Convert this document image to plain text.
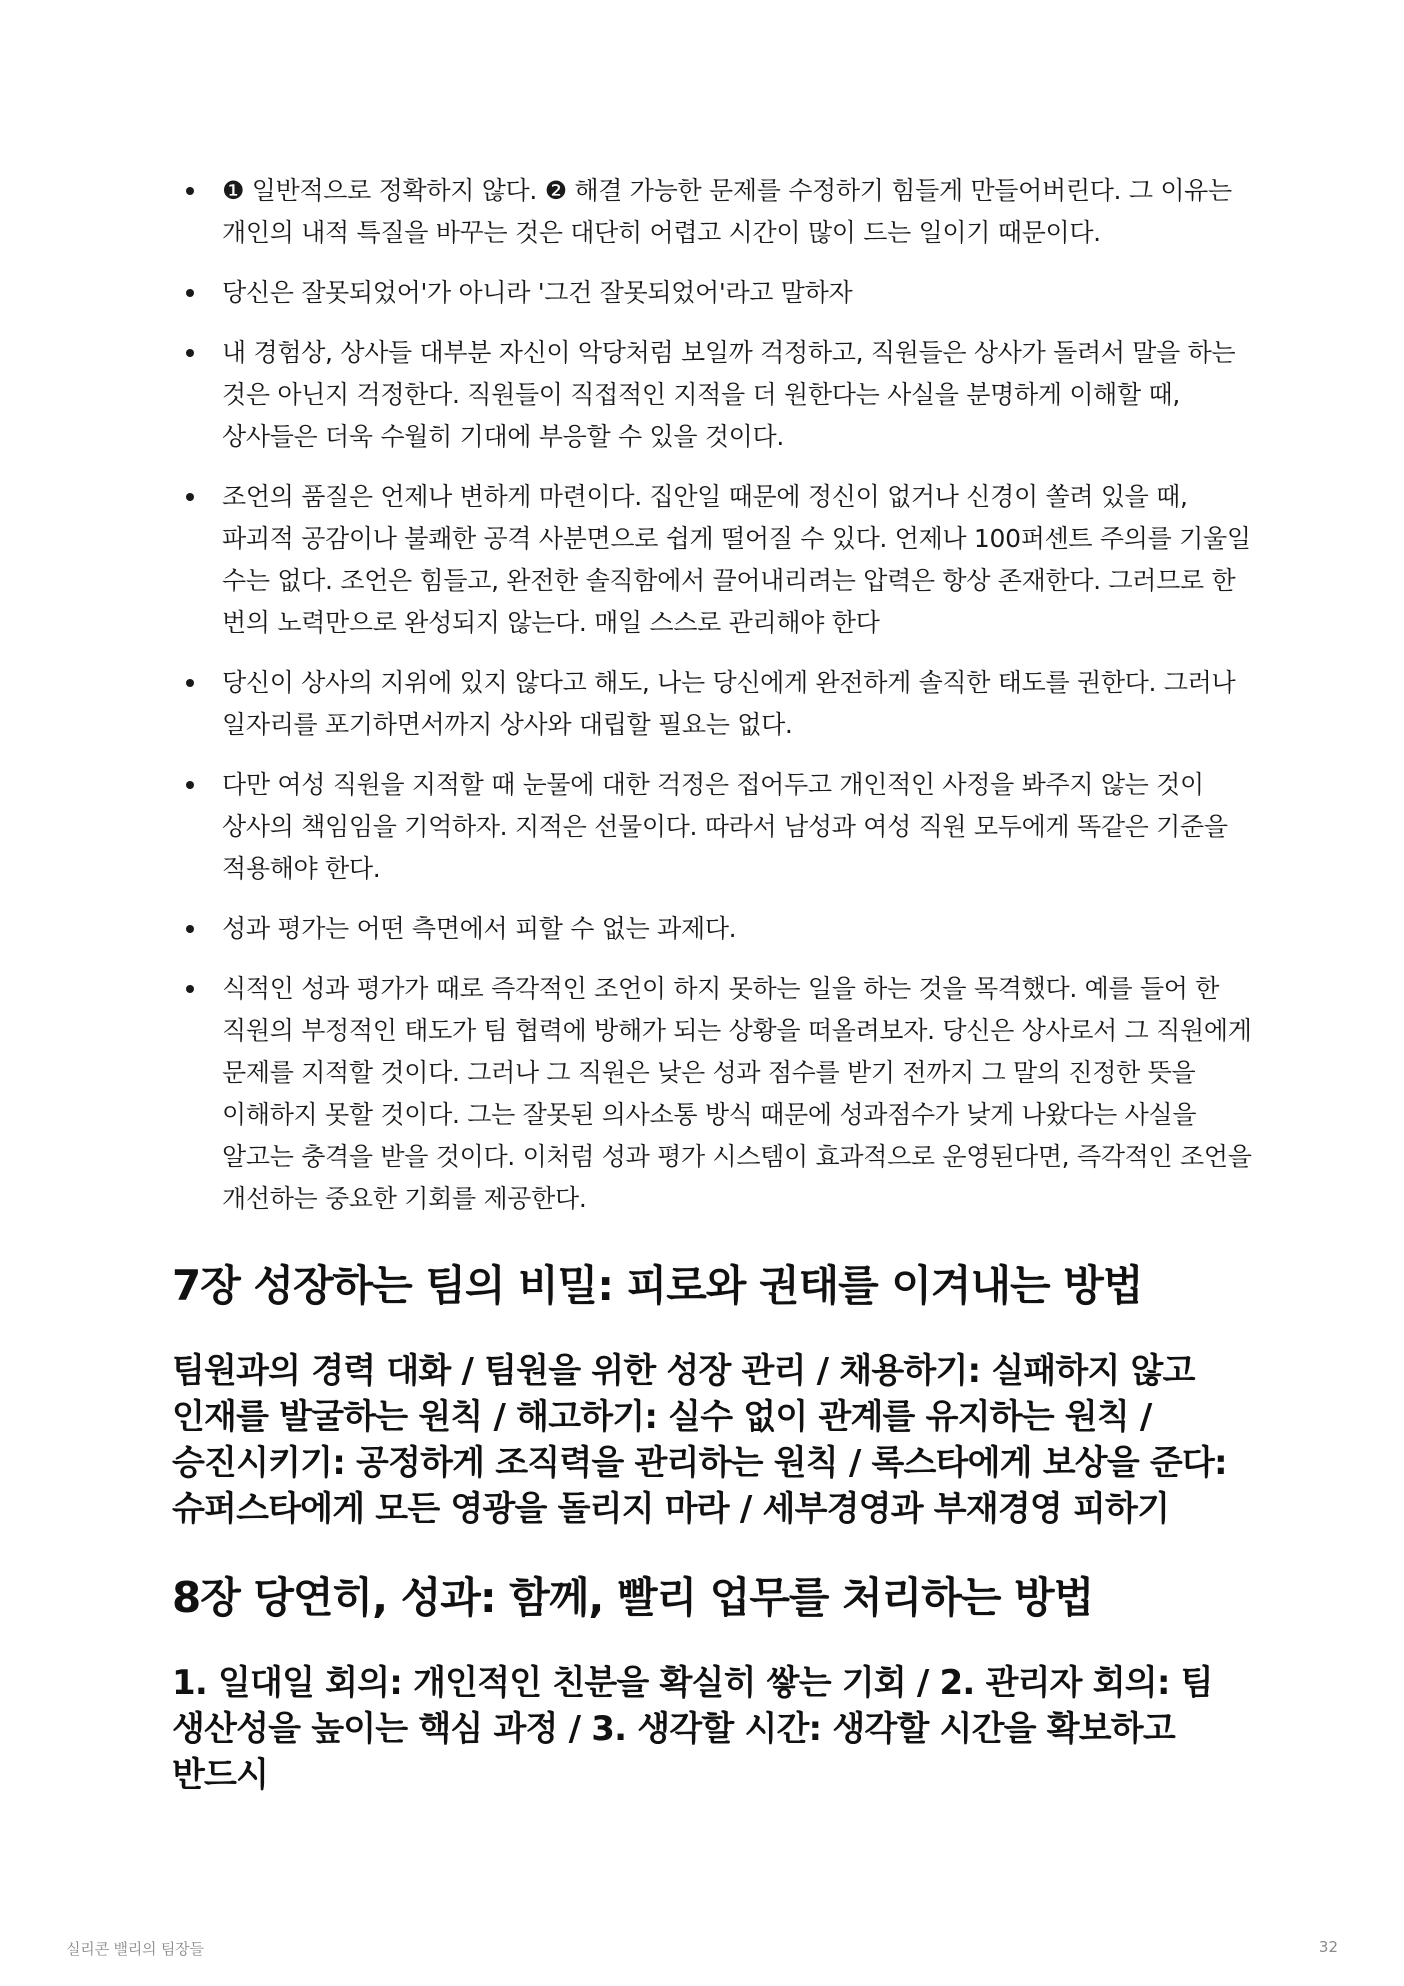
❶ 일반적으로 정확하지 않다. ❷ 해결 가능한 문제를 수정하기 힘들게 만들어버린다. 그 이유는 개인의 내적 특질을 바꾸는 것은 대단히 어렵고 시간이 많이 드는 일이기 때문이다.
당신은 잘못되었어'가 아니라 '그건 잘못되었어'라고 말하자
내 경험상, 상사들 대부분 자신이 악당처럼 보일까 걱정하고, 직원들은 상사가 돌려서 말을 하는 것은 아닌지 걱정한다. 직원들이 직접적인 지적을 더 원한다는 사실을 분명하게 이해할 때, 상사들은 더욱 수월히 기대에 부응할 수 있을 것이다.
조언의 품질은 언제나 변하게 마련이다. 집안일 때문에 정신이 없거나 신경이 쏠려 있을 때, 파괴적 공감이나 불쾌한 공격 사분면으로 쉽게 떨어질 수 있다. 언제나 100퍼센트 주의를 기울일 수는 없다. 조언은 힘들고, 완전한 솔직함에서 끌어내리려는 압력은 항상 존재한다. 그러므로 한 번의 노력만으로 완성되지 않는다. 매일 스스로 관리해야 한다
당신이 상사의 지위에 있지 않다고 해도, 나는 당신에게 완전하게 솔직한 태도를 권한다. 그러나 일자리를 포기하면서까지 상사와 대립할 필요는 없다.
다만 여성 직원을 지적할 때 눈물에 대한 걱정은 접어두고 개인적인 사정을 봐주지 않는 것이 상사의 책임임을 기억하자. 지적은 선물이다. 따라서 남성과 여성 직원 모두에게 똑같은 기준을 적용해야 한다.
성과 평가는 어떤 측면에서 피할 수 없는 과제다.
식적인 성과 평가가 때로 즉각적인 조언이 하지 못하는 일을 하는 것을 목격했다. 예를 들어 한 직원의 부정적인 태도가 팀 협력에 방해가 되는 상황을 떠올려보자. 당신은 상사로서 그 직원에게 문제를 지적할 것이다. 그러나 그 직원은 낮은 성과 점수를 받기 전까지 그 말의 진정한 뜻을 이해하지 못할 것이다. 그는 잘못된 의사소통 방식 때문에 성과점수가 낮게 나왔다는 사실을 알고는 충격을 받을 것이다. 이처럼 성과 평가 시스템이 효과적으로 운영된다면, 즉각적인 조언을 개선하는 중요한 기회를 제공한다.
7장 성장하는 팀의 비밀: 피로와 권태를 이겨내는 방법

팀원과의 경력 대화 / 팀원을 위한 성장 관리 / 채용하기: 실패하지 않고 인재를 발굴하는 원칙 / 해고하기: 실수 없이 관계를 유지하는 원칙 / 승진시키기: 공정하게 조직력을 관리하는 원칙 / 록스타에게 보상을 준다: 슈퍼스타에게 모든 영광을 돌리지 마라 / 세부경영과 부재경영 피하기

8장 당연히, 성과: 함께, 빨리 업무를 처리하는 방법

1. 일대일 회의: 개인적인 친분을 확실히 쌓는 기회 / 2. 관리자 회의: 팀 생산성을 높이는 핵심 과정 / 3. 생각할 시간: 생각할 시간을 확보하고 반드시

실리콘 밸리의 팀장들	32
